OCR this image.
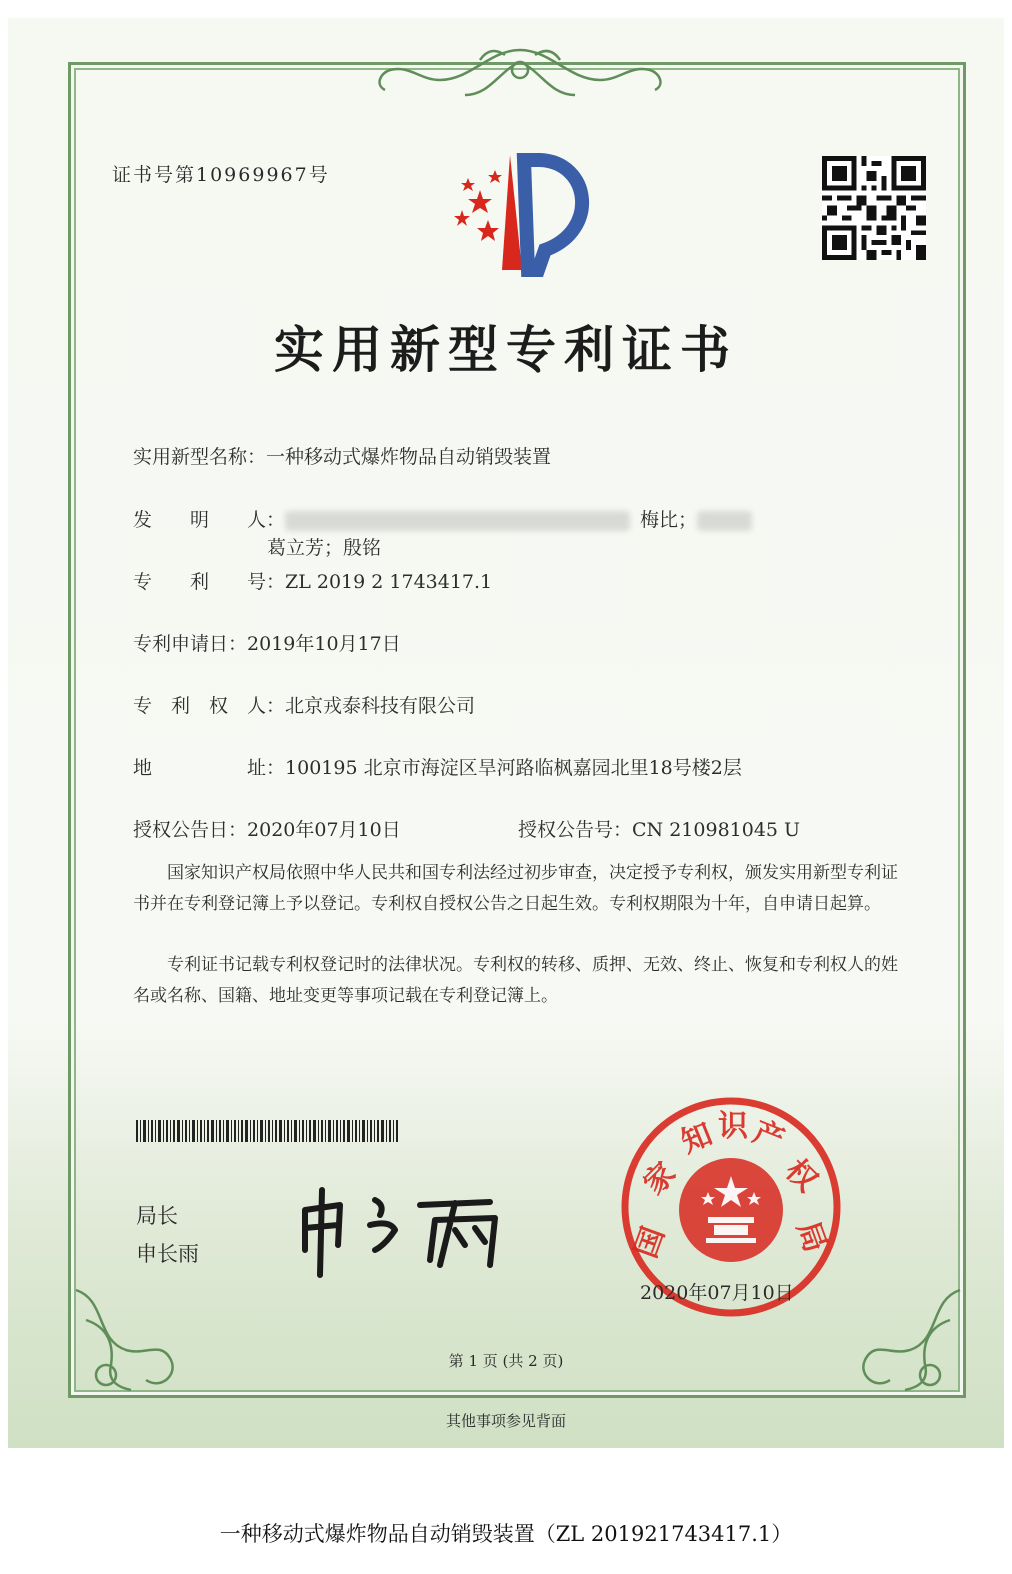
证书号第10969967号
实用新型专利证书
实用新型名称：一种移动式爆炸物品自动销毁装置
发　　明　　人：	梅比；
葛立芳；殷铭
专　　利　　号：ZL 2019 2 1743417.1
专利申请日：2019年10月17日
专　利　权　人：北京戎泰科技有限公司
地　　　　　址：100195 北京市海淀区旱河路临枫嘉园北里18号楼2层
授权公告日：2020年07月10日	授权公告号：CN 210981045 U
国家知识产权局依照中华人民共和国专利法经过初步审查，决定授予专利权，颁发实用新型专利证书并在专利登记簿上予以登记。专利权自授权公告之日起生效。专利权期限为十年，自申请日起算。
专利证书记载专利权登记时的法律状况。专利权的转移、质押、无效、终止、恢复和专利权人的姓名或名称、国籍、地址变更等事项记载在专利登记簿上。
局长
申长雨	国
家
知 识 产
权
局
2020年07月10日
第 1 页 (共 2 页)
其他事项参见背面
一种移动式爆炸物品自动销毁装置（ZL 201921743417.1）
